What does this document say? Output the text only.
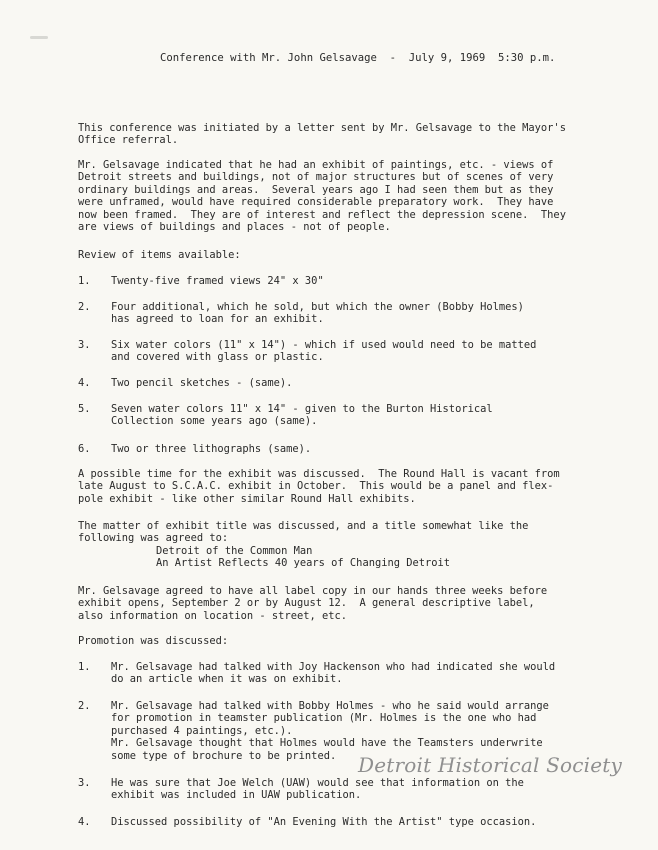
Conference with Mr. John Gelsavage  -  July 9, 1969  5:30 p.m.
This conference was initiated by a letter sent by Mr. Gelsavage to the Mayor's
Office referral.
Mr. Gelsavage indicated that he had an exhibit of paintings, etc. - views of
Detroit streets and buildings, not of major structures but of scenes of very
ordinary buildings and areas.  Several years ago I had seen them but as they
were unframed, would have required considerable preparatory work.  They have
now been framed.  They are of interest and reflect the depression scene.  They
are views of buildings and places - not of people.
Review of items available:
1. Twenty-five framed views 24" x 30"
2. Four additional, which he sold, but which the owner (Bobby Holmes)
has agreed to loan for an exhibit.
3. Six water colors (11" x 14") - which if used would need to be matted
and covered with glass or plastic.
4. Two pencil sketches - (same).
5. Seven water colors 11" x 14" - given to the Burton Historical
Collection some years ago (same).
6. Two or three lithographs (same).
A possible time for the exhibit was discussed.  The Round Hall is vacant from
late August to S.C.A.C. exhibit in October.  This would be a panel and flex-
pole exhibit - like other similar Round Hall exhibits.
The matter of exhibit title was discussed, and a title somewhat like the
following was agreed to:
Detroit of the Common Man
An Artist Reflects 40 years of Changing Detroit
Mr. Gelsavage agreed to have all label copy in our hands three weeks before
exhibit opens, September 2 or by August 12.  A general descriptive label,
also information on location - street, etc.
Promotion was discussed:
1. Mr. Gelsavage had talked with Joy Hackenson who had indicated she would
do an article when it was on exhibit.
2. Mr. Gelsavage had talked with Bobby Holmes - who he said would arrange
for promotion in teamster publication (Mr. Holmes is the one who had
purchased 4 paintings, etc.).
Mr. Gelsavage thought that Holmes would have the Teamsters underwrite
some type of brochure to be printed.
3. He was sure that Joe Welch (UAW) would see that information on the
exhibit was included in UAW publication.
4. Discussed possibility of "An Evening With the Artist" type occasion.
Detroit Historical Society
